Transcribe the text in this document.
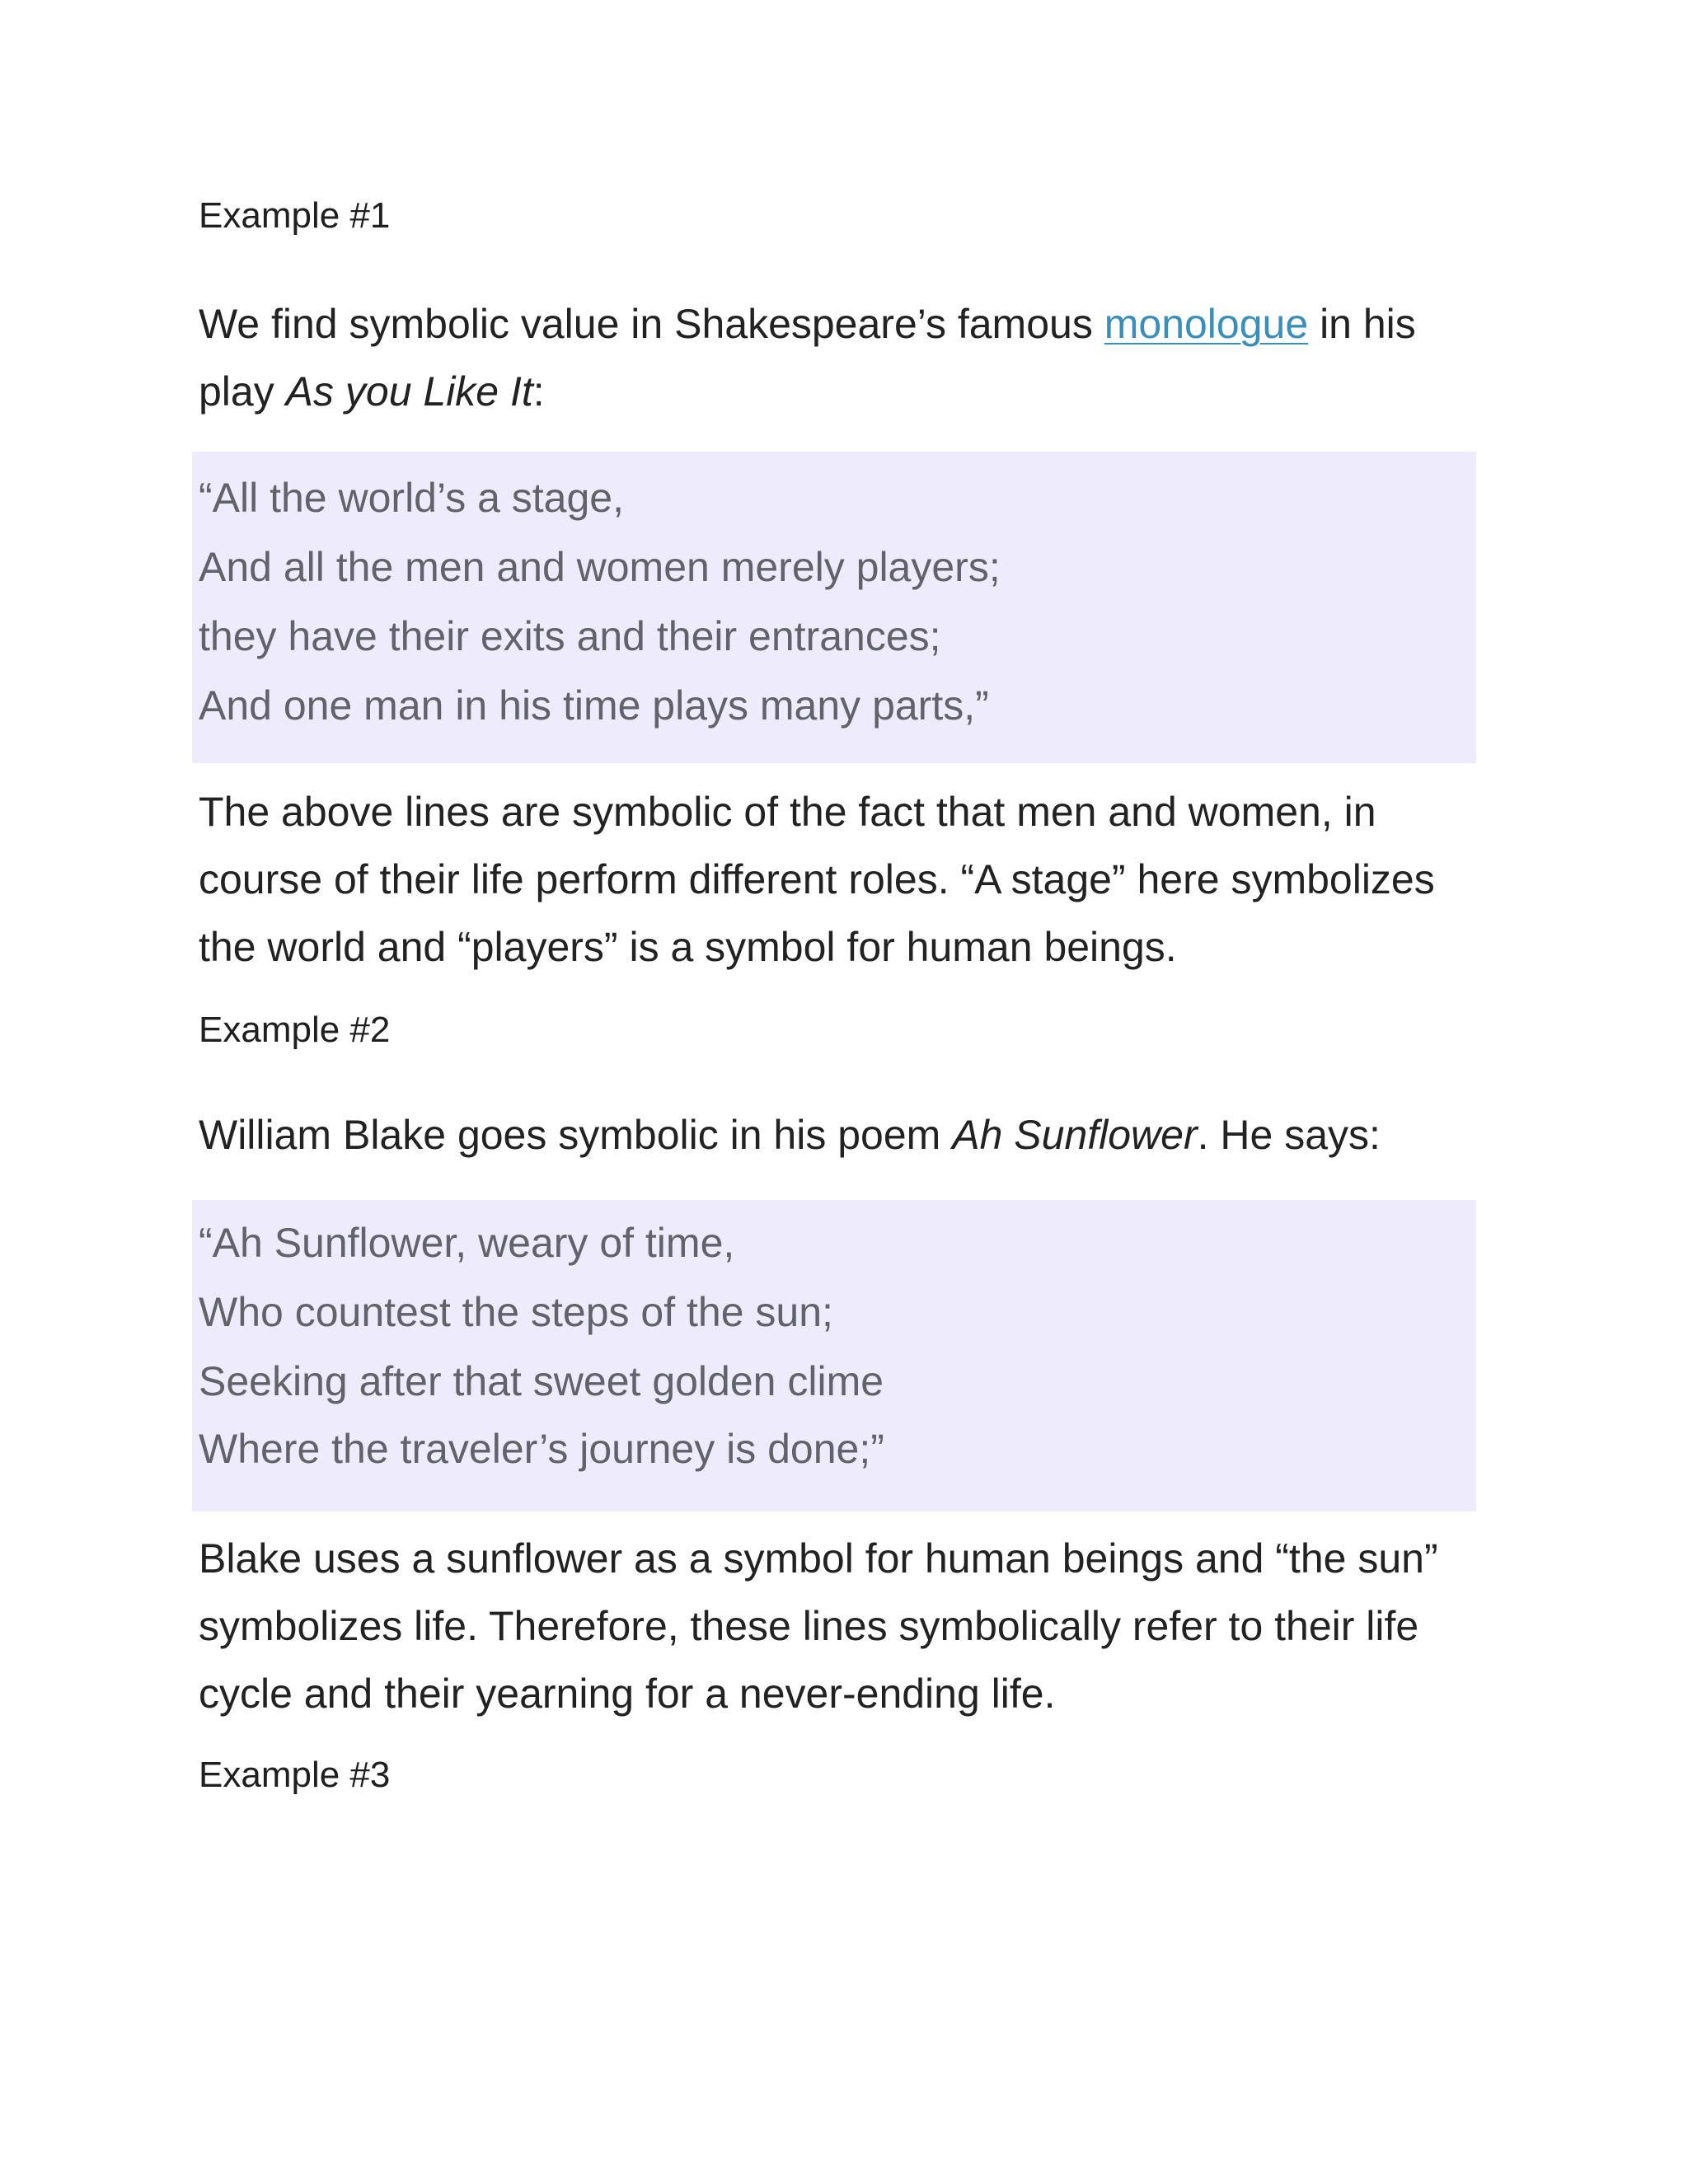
Example #1
We find symbolic value in Shakespeare’s famous monologue in his
play As you Like It:
“All the world’s a stage,
And all the men and women merely players;
they have their exits and their entrances;
And one man in his time plays many parts,”
The above lines are symbolic of the fact that men and women, in
course of their life perform different roles. “A stage” here symbolizes
the world and “players” is a symbol for human beings.
Example #2
William Blake goes symbolic in his poem Ah Sunflower. He says:
“Ah Sunflower, weary of time,
Who countest the steps of the sun;
Seeking after that sweet golden clime
Where the traveler’s journey is done;”
Blake uses a sunflower as a symbol for human beings and “the sun”
symbolizes life. Therefore, these lines symbolically refer to their life
cycle and their yearning for a never-ending life.
Example #3
